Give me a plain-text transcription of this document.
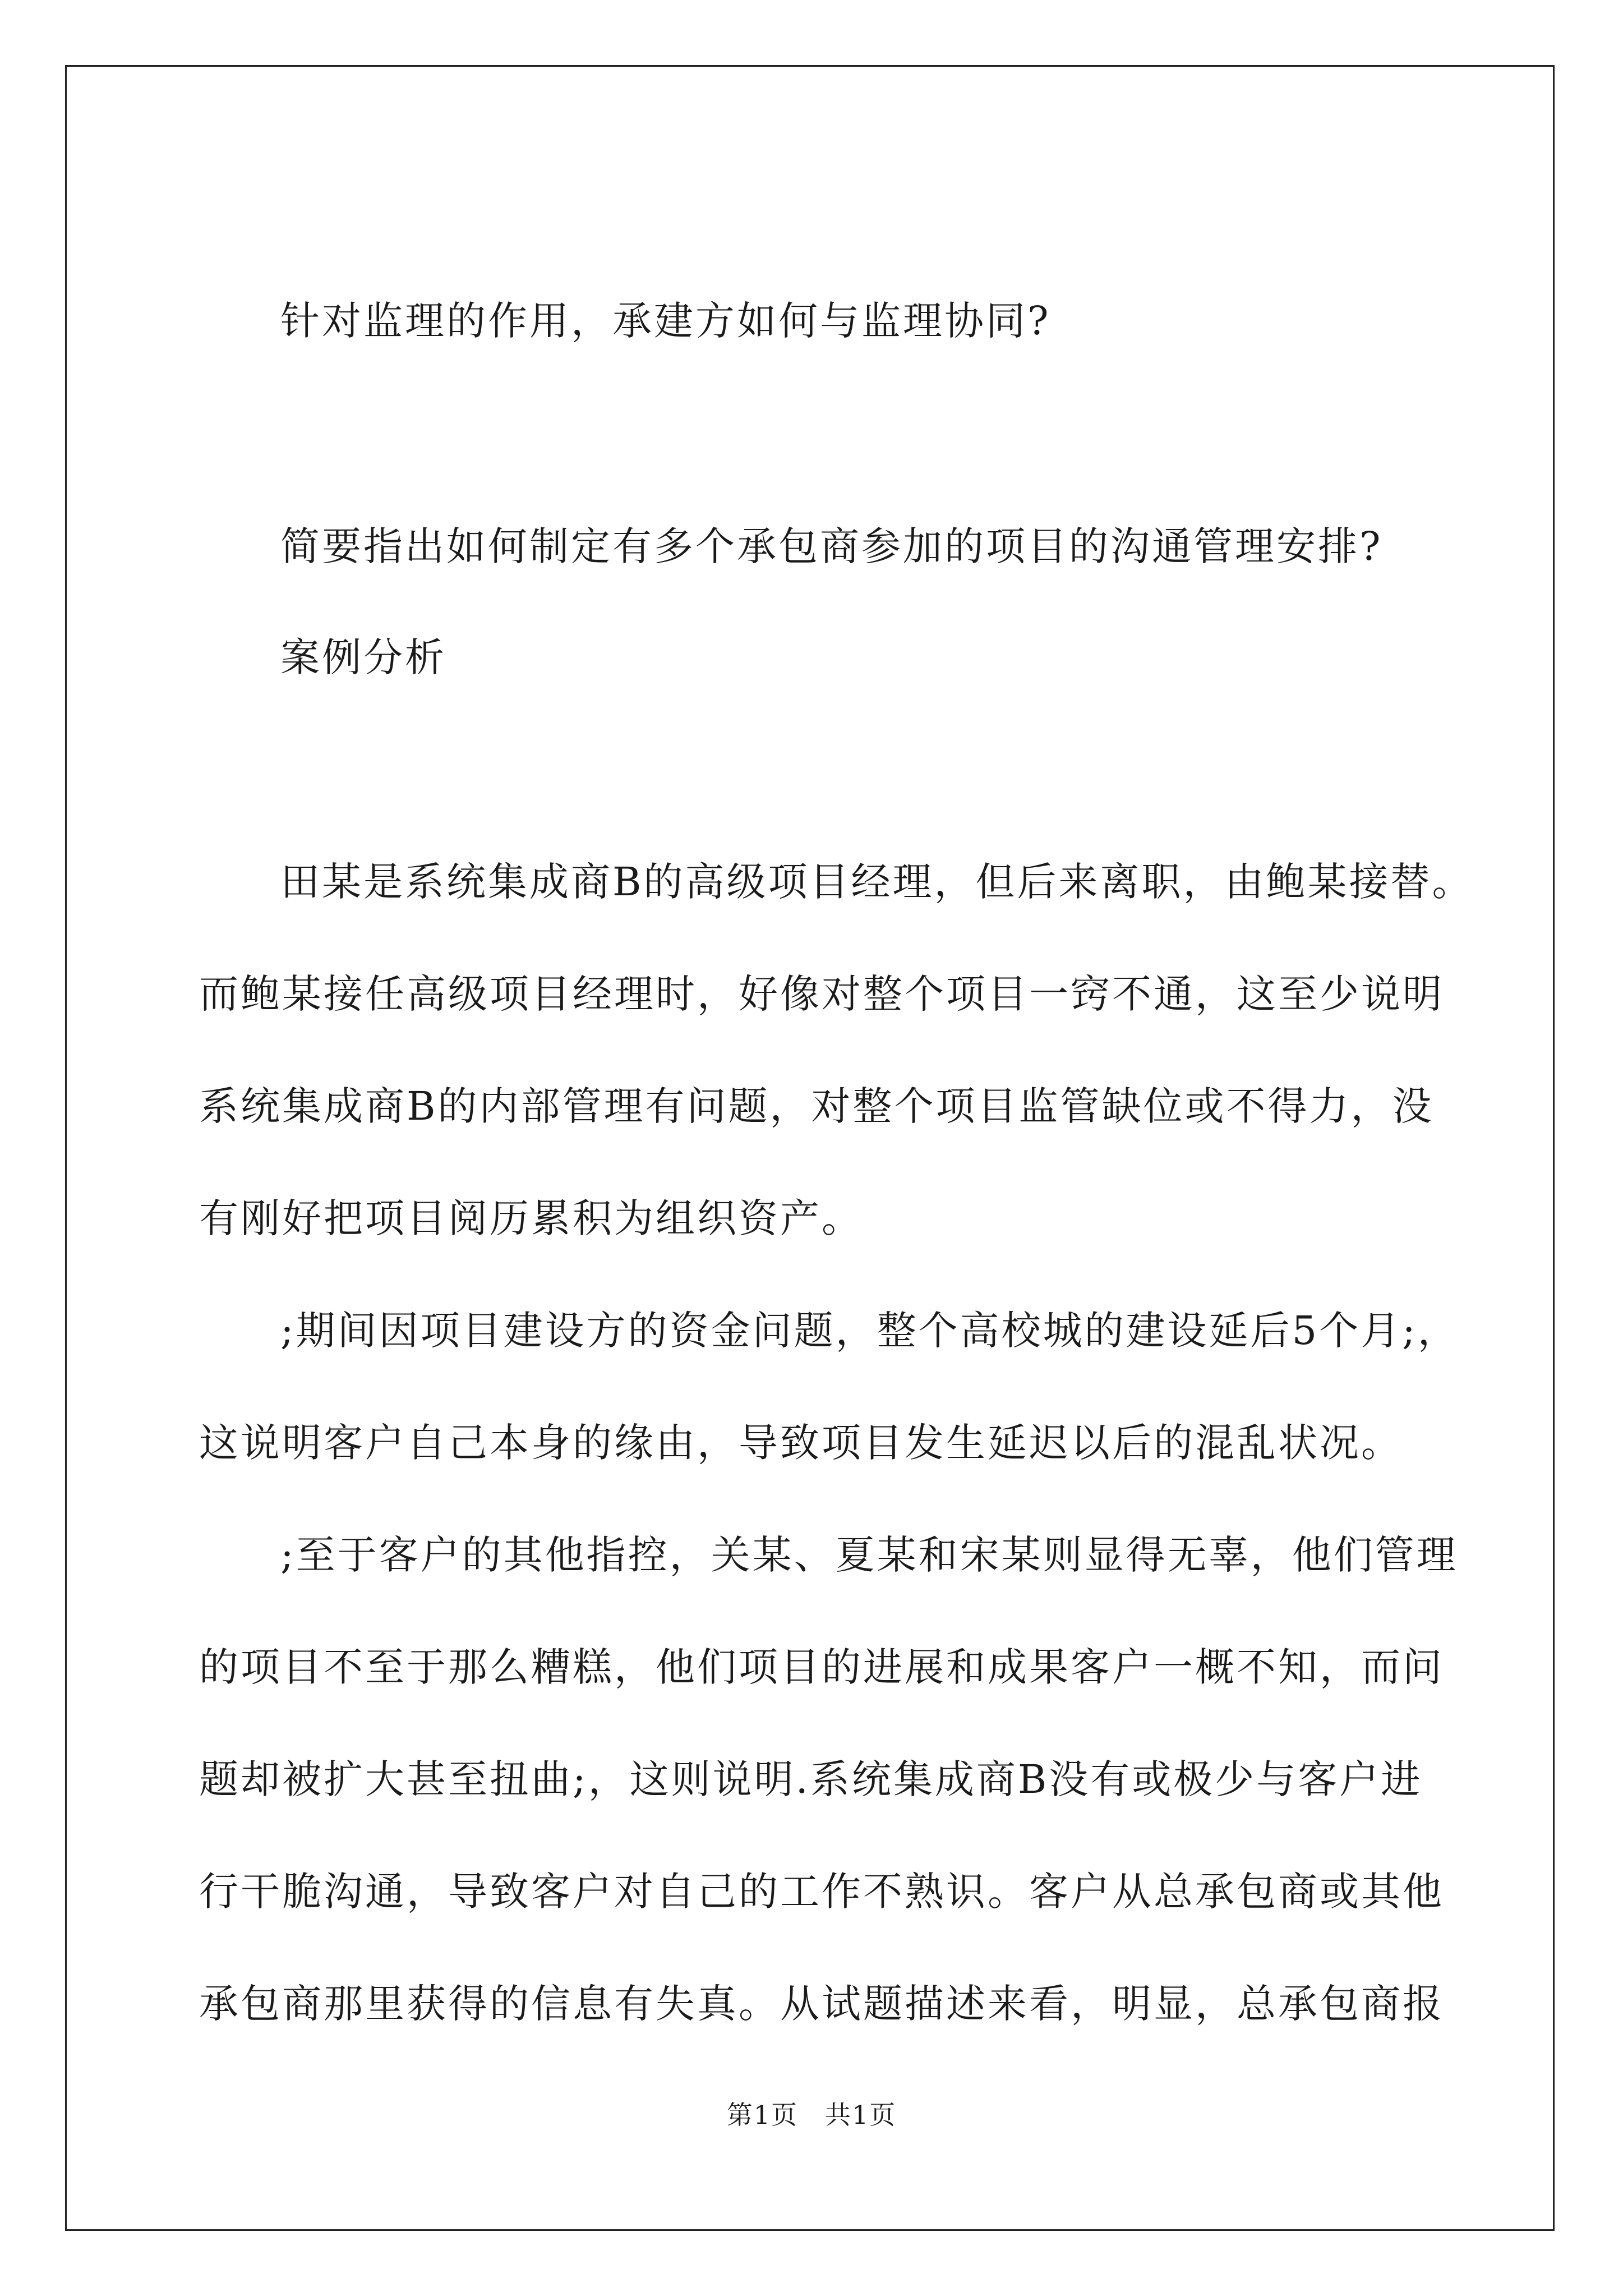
针对监理的作用，承建方如何与监理协同?
简要指出如何制定有多个承包商参加的项目的沟通管理安排?
案例分析
田某是系统集成商B的高级项目经理，但后来离职，由鲍某接替。
而鲍某接任高级项目经理时，好像对整个项目一窍不通，这至少说明
系统集成商B的内部管理有问题，对整个项目监管缺位或不得力，没
有刚好把项目阅历累积为组织资产。
;期间因项目建设方的资金问题，整个高校城的建设延后5个月;，
这说明客户自己本身的缘由，导致项目发生延迟以后的混乱状况。
;至于客户的其他指控，关某、夏某和宋某则显得无辜，他们管理
的项目不至于那么糟糕，他们项目的进展和成果客户一概不知，而问
题却被扩大甚至扭曲;，这则说明.系统集成商B没有或极少与客户进
行干脆沟通，导致客户对自己的工作不熟识。客户从总承包商或其他
承包商那里获得的信息有失真。从试题描述来看，明显，总承包商报
第1页　共1页
